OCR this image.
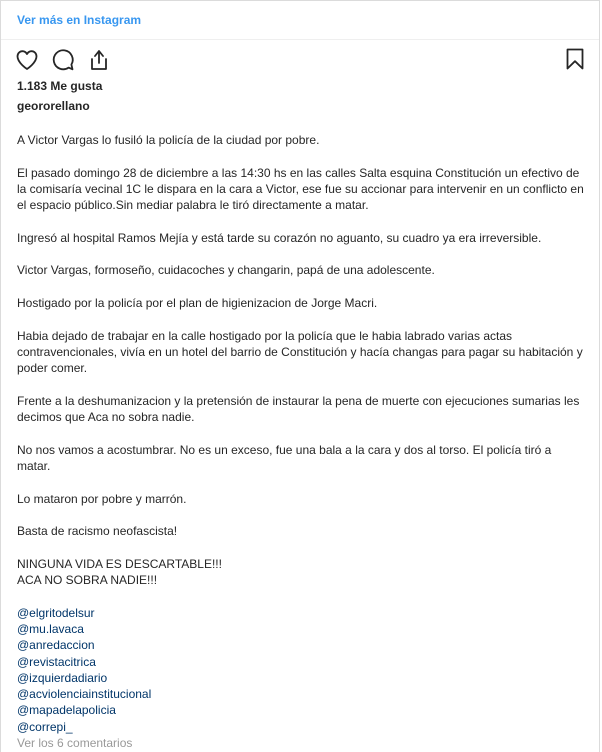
Ver más en Instagram
1.183 Me gusta
geororellano

A Victor Vargas lo fusiló la policía de la ciudad por pobre.

El pasado domingo 28 de diciembre a las 14:30 hs en las calles Salta esquina Constitución un efectivo de la comisaría vecinal 1C le dispara en la cara a Victor, ese fue su accionar para intervenir en un conflicto en el espacio público.Sin mediar palabra le tiró directamente a matar.

Ingresó al hospital Ramos Mejía y está tarde su corazón no aguanto, su cuadro ya era irreversible.

Victor Vargas, formoseño, cuidacoches y changarin, papá de una adolescente.

Hostigado por la policía por el plan de higienizacion de Jorge Macri.

Habia dejado de trabajar en la calle hostigado por la policía que le habia labrado varias actas contravencionales, vivía en un hotel del barrio de Constitución y hacía changas para pagar su habitación y poder comer.

Frente a la deshumanizacion y la pretensión de instaurar la pena de muerte con ejecuciones sumarias les decimos que Aca no sobra nadie.

No nos vamos a acostumbrar. No es un exceso, fue una bala a la cara y dos al torso. El policía tiró a matar.

Lo mataron por pobre y marrón.

Basta de racismo neofascista!

NINGUNA VIDA ES DESCARTABLE!!!
ACA NO SOBRA NADIE!!!

@elgritodelsur
@mu.lavaca
@anredaccion
@revistacitrica
@izquierdadiario
@acviolenciainstitucional
@mapadelapolicia
@correpi_
Ver los 6 comentarios
